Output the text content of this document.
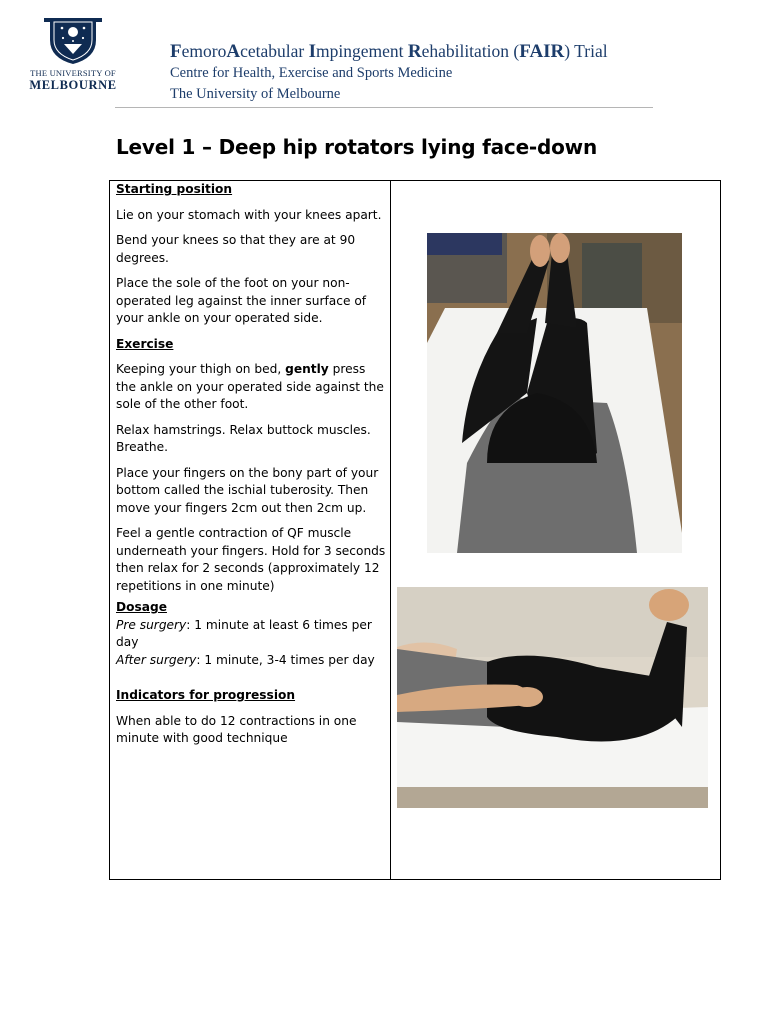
THE UNIVERSITY OF
MELBOURNE
FemoroAcetabular Impingement Rehabilitation (FAIR) Trial
Centre for Health, Exercise and Sports Medicine
The University of Melbourne
Level 1 – Deep hip rotators lying face-down

Starting position

Lie on your stomach with your knees apart.

Bend your knees so that they are at 90 degrees.

Place the sole of the foot on your non-operated leg against the inner surface of your ankle on your operated side.

Exercise

Keeping your thigh on bed, gently press the ankle on your operated side against the sole of the other foot.

Relax hamstrings. Relax buttock muscles. Breathe.

Place your fingers on the bony part of your bottom called the ischial tuberosity. Then move your fingers 2cm out then 2cm up.

Feel a gentle contraction of QF muscle underneath your fingers. Hold for 3 seconds then relax for 2 seconds (approximately 12 repetitions in one minute)

Dosage

Pre surgery: 1 minute at least 6 times per day

After surgery: 1 minute, 3-4 times per day

Indicators for progression

When able to do 12 contractions in one minute with good technique
